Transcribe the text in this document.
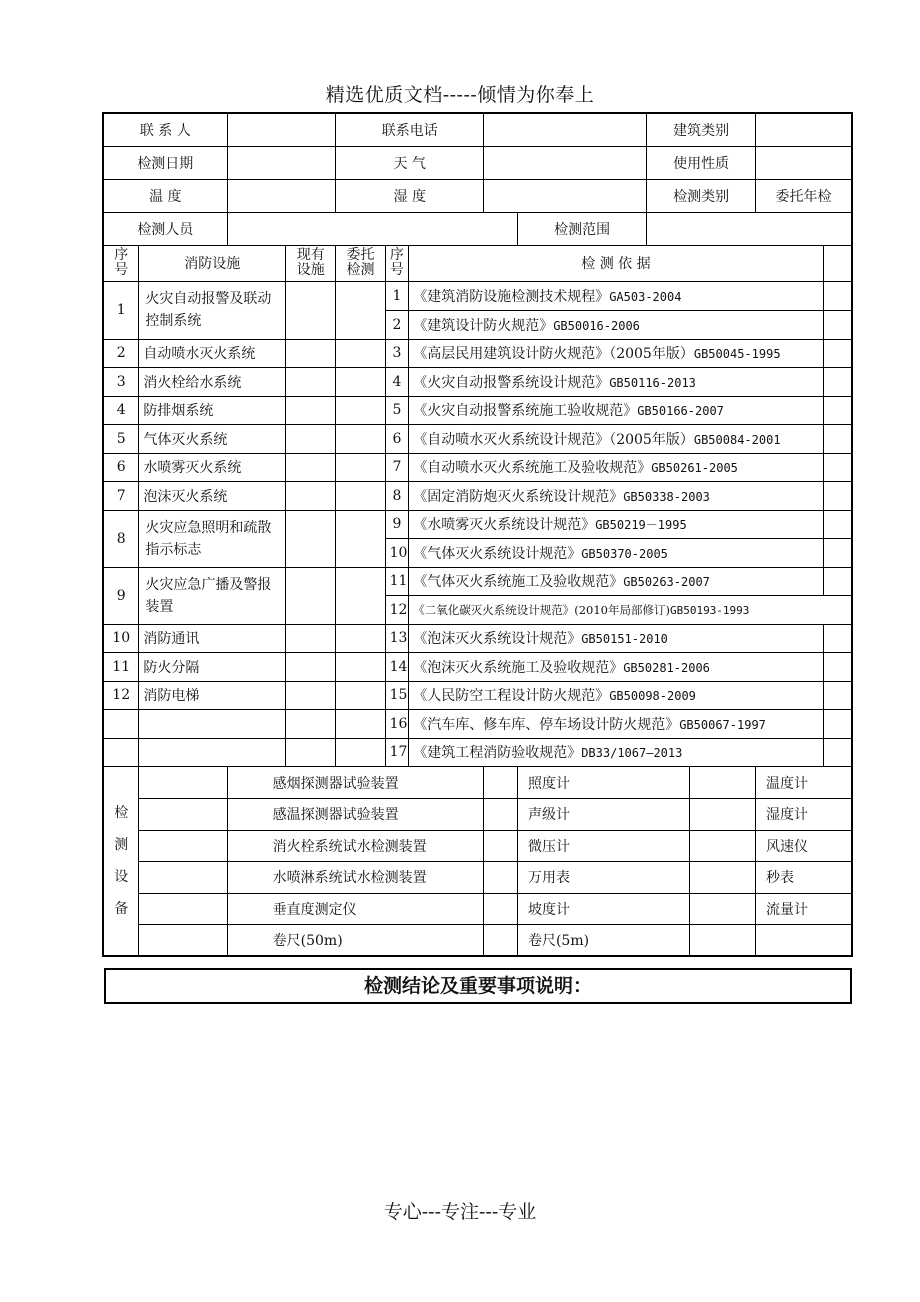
精选优质文档-----倾情为你奉上
联 系 人				联系电话					建筑类别			
检测日期				天 气					使用性质			
温 度				湿 度					检测类别		委托年检	
检测人员								检测范围				
序号	消防设施		现有设施	委托检测	序号	检 测 依 据						
1	火灾自动报警及联动控制系统				1	《建筑消防设施检测技术规程》GA503-2004						
					2	《建筑设计防火规范》GB50016-2006						
2	自动喷水灭火系统				3	《高层民用建筑设计防火规范》（2005年版）GB50045-1995						
3	消火栓给水系统				4	《火灾自动报警系统设计规范》GB50116-2013						
4	防排烟系统				5	《火灾自动报警系统施工验收规范》GB50166-2007						
5	气体灭火系统				6	《自动喷水灭火系统设计规范》（2005年版）GB50084-2001						
6	水喷雾灭火系统				7	《自动喷水灭火系统施工及验收规范》GB50261-2005						
7	泡沫灭火系统				8	《固定消防炮灭火系统设计规范》GB50338-2003						
8	火灾应急照明和疏散指示标志				9	《水喷雾灭火系统设计规范》GB50219－1995						
					10	《气体灭火系统设计规范》GB50370-2005						
9	火灾应急广播及警报装置				11	《气体灭火系统施工及验收规范》GB50263-2007						
					12	《二氧化碳灭火系统设计规范》(2010年局部修订)GB50193-1993						
10	消防通讯				13	《泡沫灭火系统设计规范》GB50151-2010						
11	防火分隔				14	《泡沫灭火系统施工及验收规范》GB50281-2006						
12	消防电梯				15	《人民防空工程设计防火规范》GB50098-2009						
					16	《汽车库、修车库、停车场设计防火规范》GB50067-1997						
					17	《建筑工程消防验收规范》DB33/1067—2013						
检
测
设
备		感烟探测器试验装置						照度计			温度计	
		感温探测器试验装置						声级计			湿度计	
		消火栓系统试水检测装置						微压计			风速仪	
		水喷淋系统试水检测装置						万用表			秒表	
		垂直度测定仪						坡度计			流量计	
		卷尺(50m)						卷尺(5m)				
检测结论及重要事项说明：
专心---专注---专业
